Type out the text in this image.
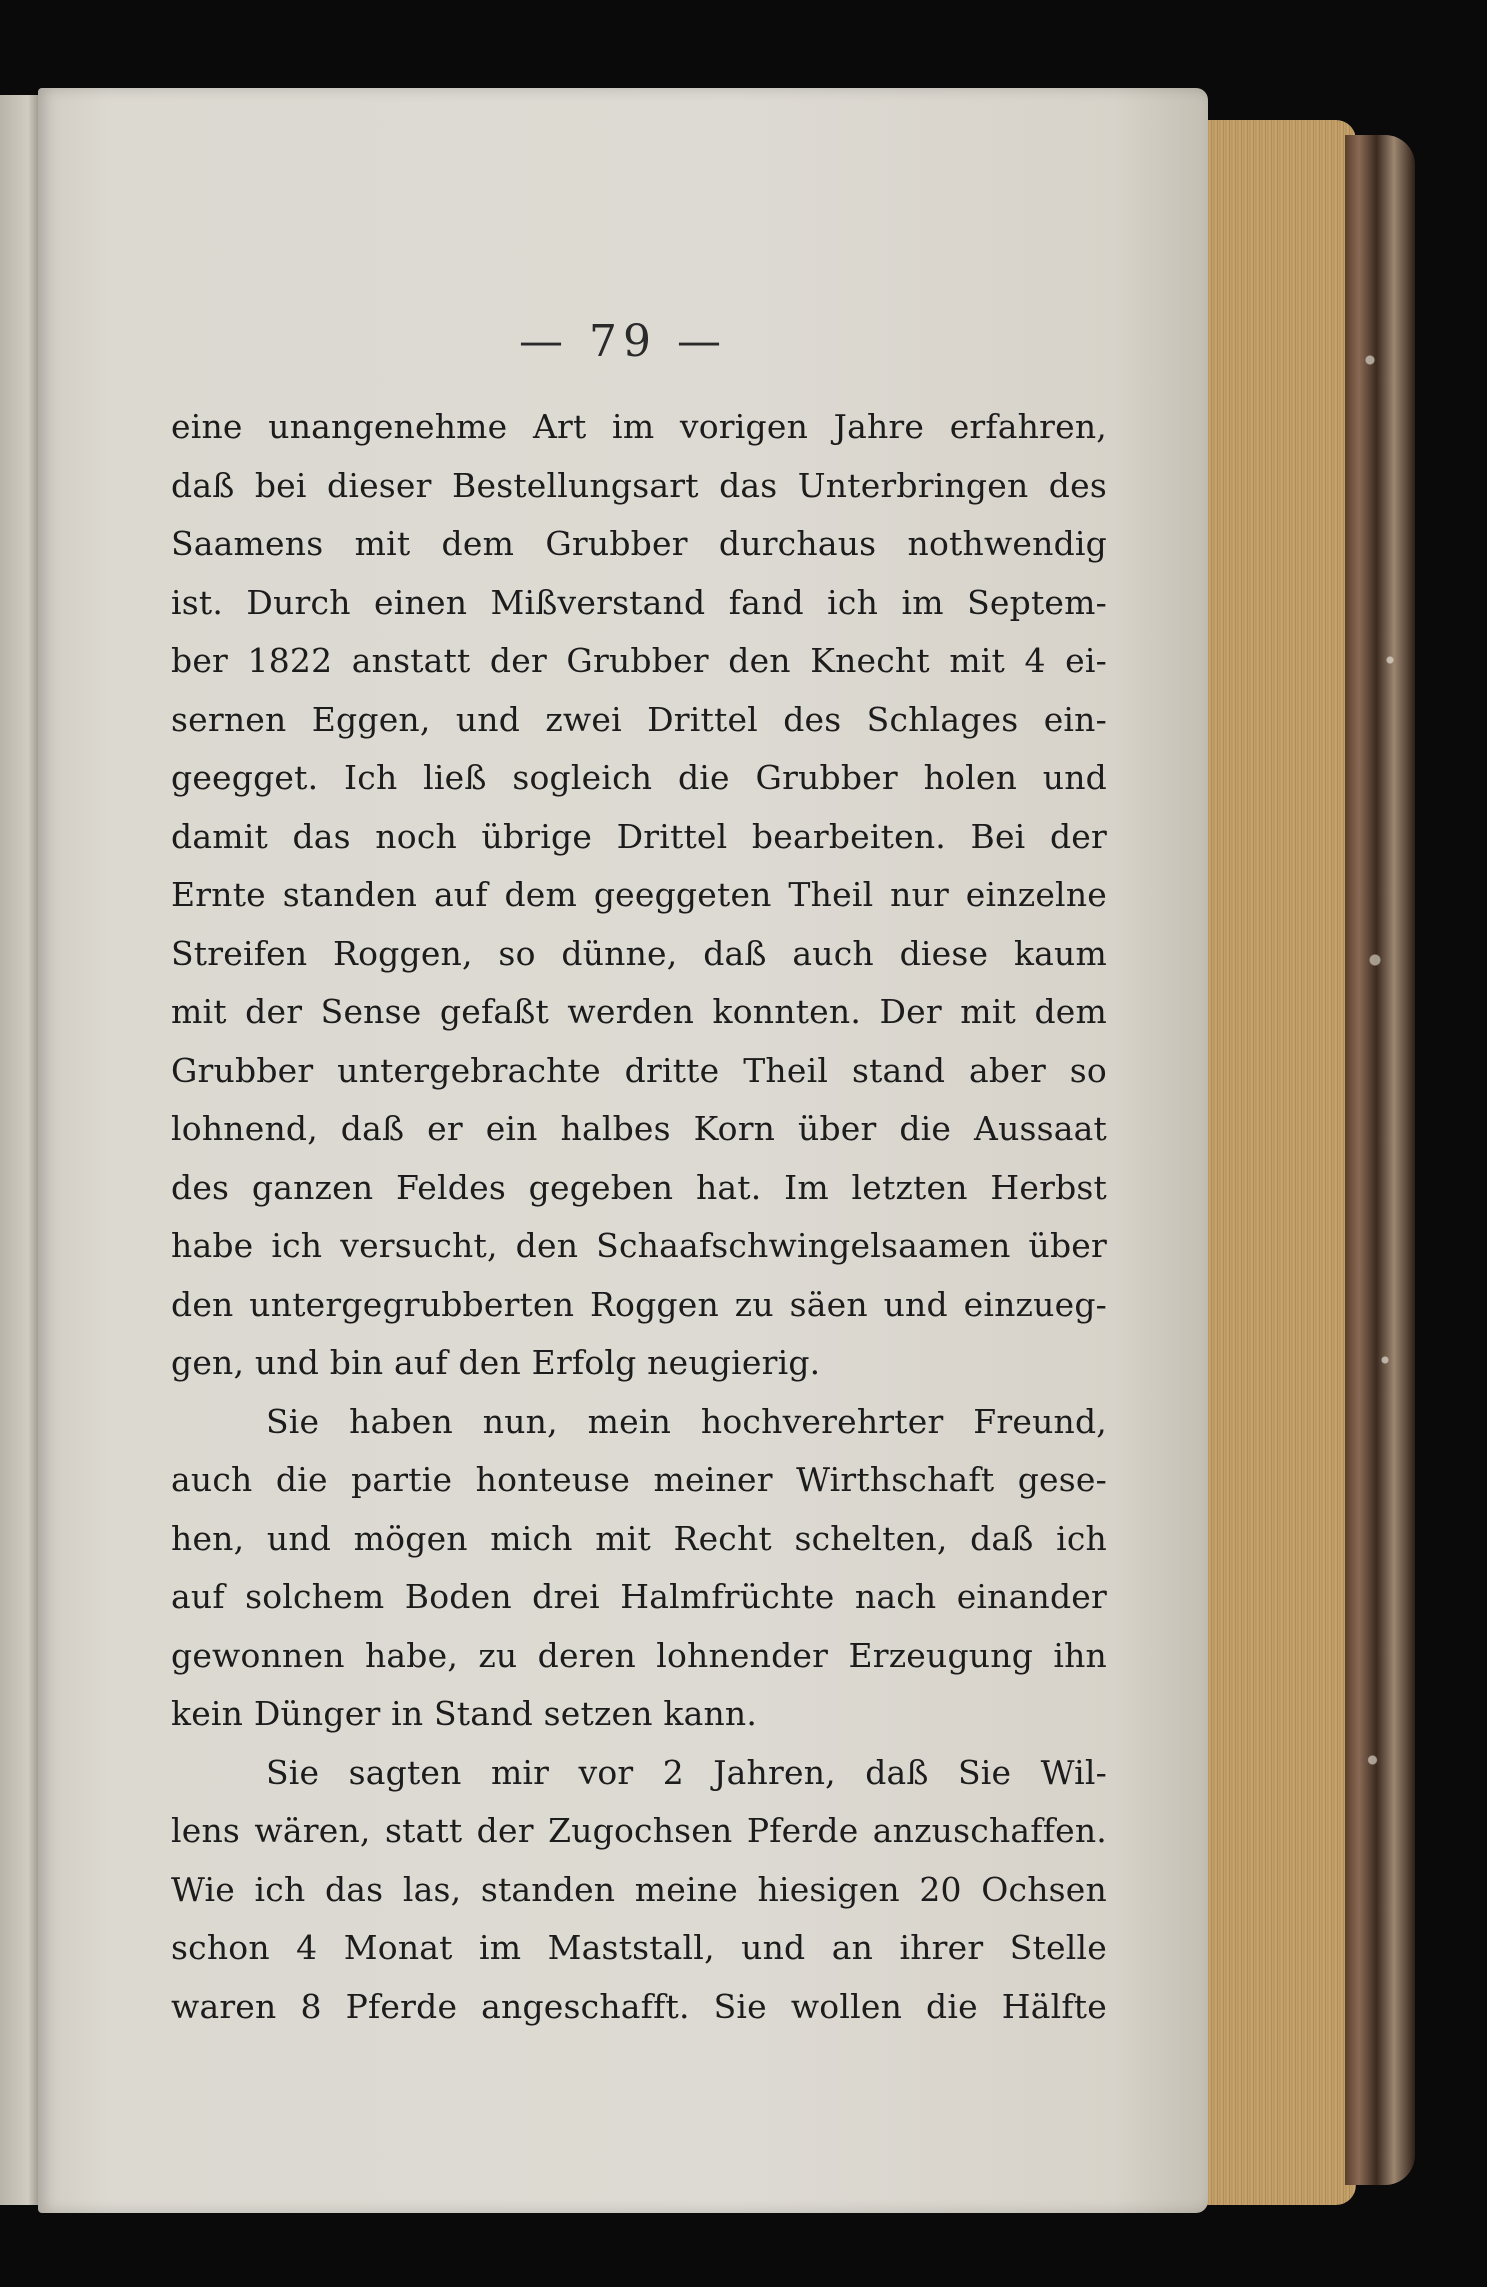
— 79 —
eine unangenehme Art im vorigen Jahre erfahren,
daß bei dieser Bestellungsart das Unterbringen des
Saamens mit dem Grubber durchaus nothwendig
ist. Durch einen Mißverstand fand ich im Septem-
ber 1822 anstatt der Grubber den Knecht mit 4 ei-
sernen Eggen, und zwei Drittel des Schlages ein-
geegget. Ich ließ sogleich die Grubber holen und
damit das noch übrige Drittel bearbeiten. Bei der
Ernte standen auf dem geeggeten Theil nur einzelne
Streifen Roggen, so dünne, daß auch diese kaum
mit der Sense gefaßt werden konnten. Der mit dem
Grubber untergebrachte dritte Theil stand aber so
lohnend, daß er ein halbes Korn über die Aussaat
des ganzen Feldes gegeben hat. Im letzten Herbst
habe ich versucht, den Schaafschwingelsaamen über
den untergegrubberten Roggen zu säen und einzueg-
gen, und bin auf den Erfolg neugierig.
Sie haben nun, mein hochverehrter Freund,
auch die partie honteuse meiner Wirthschaft gese-
hen, und mögen mich mit Recht schelten, daß ich
auf solchem Boden drei Halmfrüchte nach einander
gewonnen habe, zu deren lohnender Erzeugung ihn
kein Dünger in Stand setzen kann.
Sie sagten mir vor 2 Jahren, daß Sie Wil-
lens wären, statt der Zugochsen Pferde anzuschaffen.
Wie ich das las, standen meine hiesigen 20 Ochsen
schon 4 Monat im Maststall, und an ihrer Stelle
waren 8 Pferde angeschafft. Sie wollen die Hälfte
